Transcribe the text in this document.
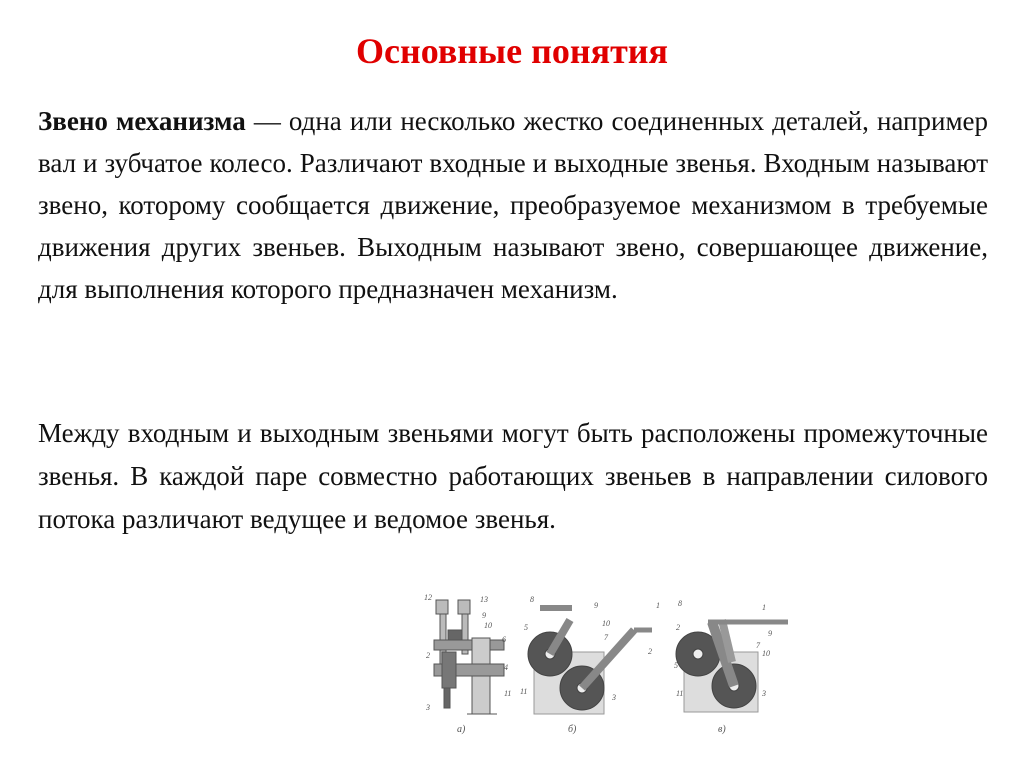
Основные понятия

Звено механизма — одна или несколько жестко соединенных деталей, например вал и зубчатое колесо. Различают входные и выходные звенья. Входным называют звено, которому сообщается движение, преобразуемое механизмом в требуемые движения других звеньев. Выходным называют звено, совершающее движение, для выполнения которого предназначен механизм.

Между входным и выходным звеньями могут быть расположены промежуточные звенья. В каждой паре совместно работающих звеньев в направлении силового потока различают ведущее и ведомое звенья.

12	13
9
10
6
2
4
11
3
а)
8
9
10
5
7
1
2
11
3
б)
8	1
2
9
7
10
5
11	3
в)
